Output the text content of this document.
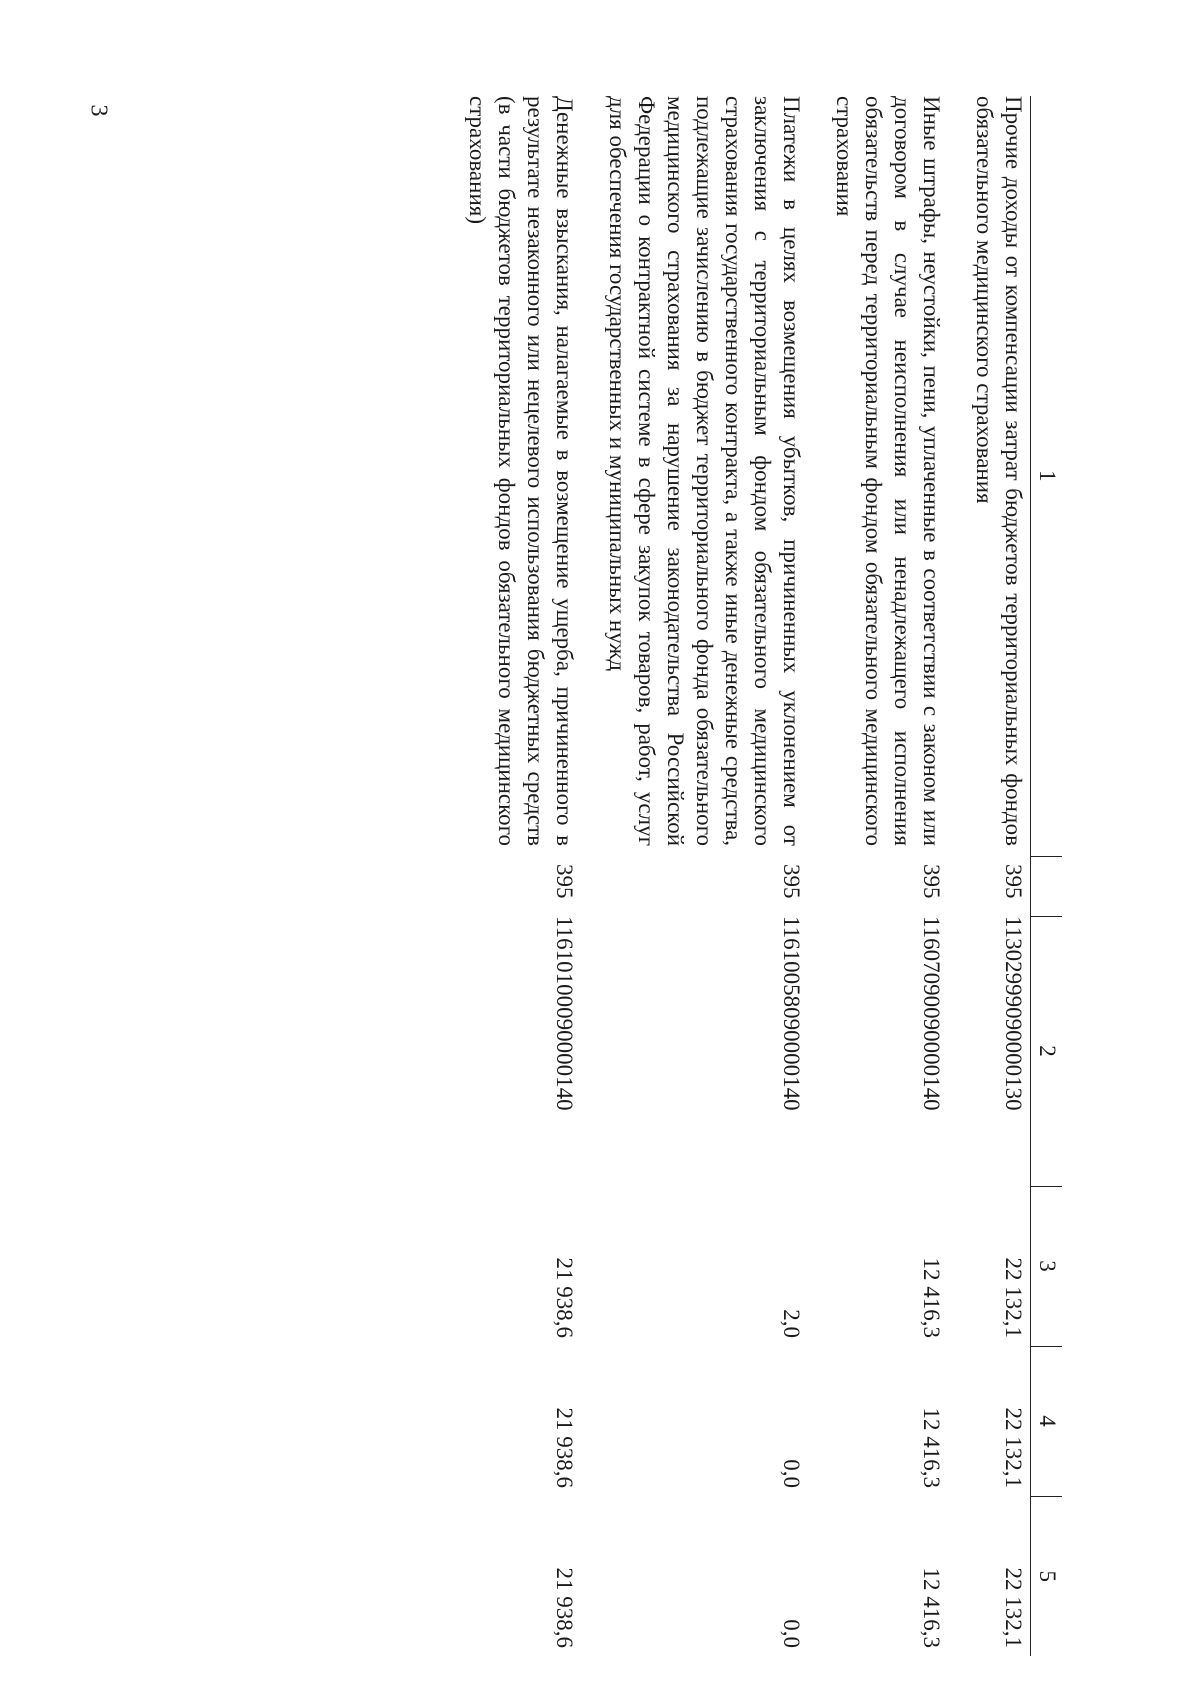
3
1		2	3	4	5
Прочие доходы от компенсации затрат бюджетов территориальных фондов обязательного медицинского страхования	395	11302999090000130	22 132,1	22 132,1	22 132,1
Иные штрафы, неустойки, пени, уплаченные в соответствии с законом или договором в случае неисполнения или ненадлежащего исполнения обязательств перед территориальным фондом обязательного медицинского страхования	395	11607090090000140	12 416,3	12 416,3	12 416,3
Платежи в целях возмещения убытков, причиненных уклонением от заключения с территориальным фондом обязательного медицинского страхования государственного контракта, а также иные денежные средства, подлежащие зачислению в бюджет территориального фонда обязательного медицинского страхования за нарушение законодательства Российской Федерации о контрактной системе в сфере закупок товаров, работ, услуг для обеспечения государственных и муниципальных нужд	395	11610058090000140	2,0	0,0	0,0
Денежные взыскания, налагаемые в возмещение ущерба, причиненного в результате незаконного или нецелевого использования бюджетных средств (в части бюджетов территориальных фондов обязательного медицинского страхования)	395	11610100090000140	21 938,6	21 938,6	21 938,6
